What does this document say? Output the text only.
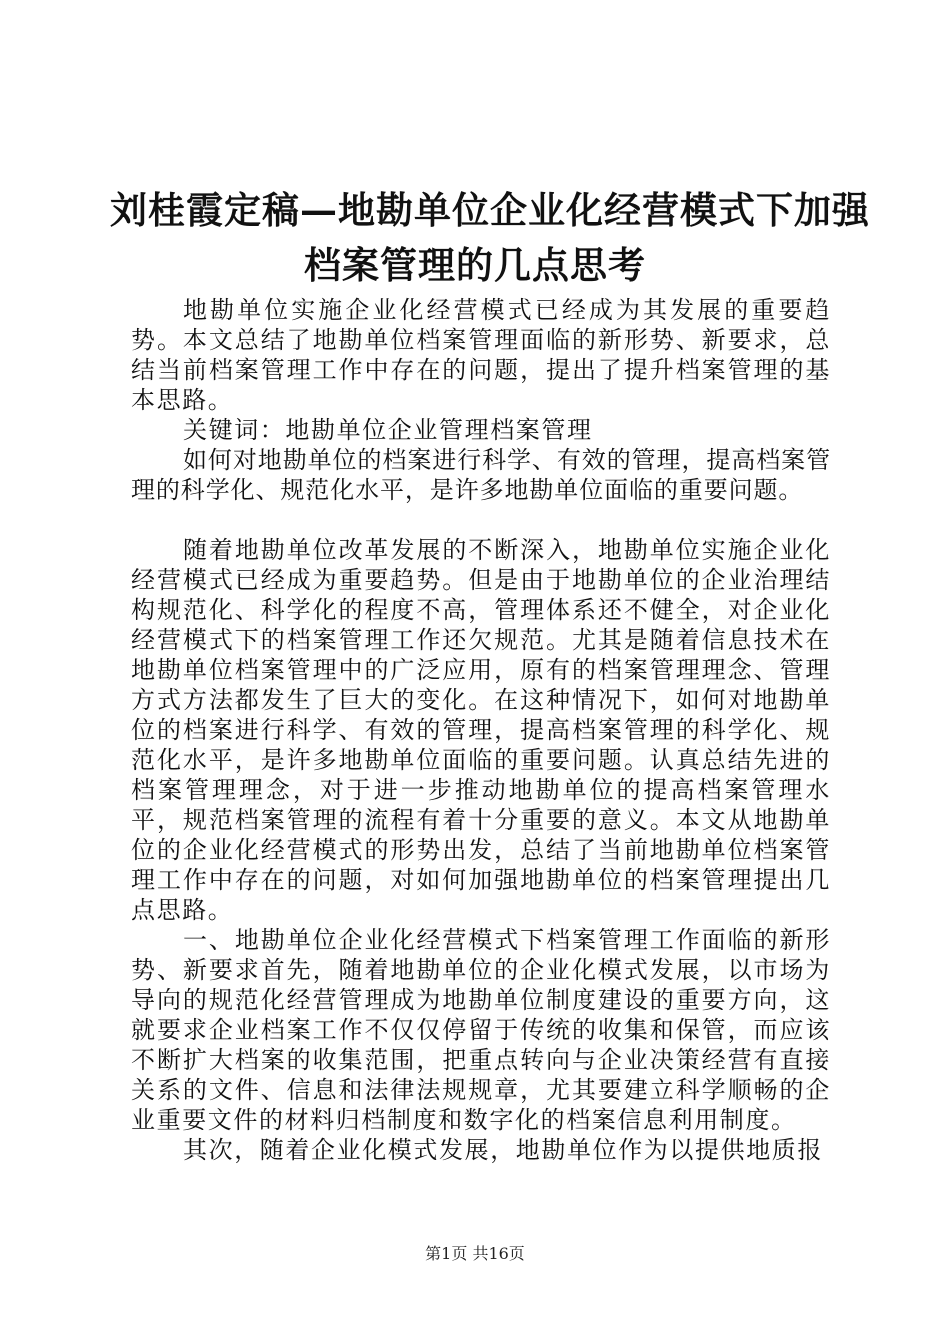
刘桂霞定稿—地勘单位企业化经营模式下加强
档案管理的几点思考

地勘单位实施企业化经营模式已经成为其发展的重要趋势。本文总结了地勘单位档案管理面临的新形势、新要求，总结当前档案管理工作中存在的问题，提出了提升档案管理的基本思路。

关键词：地勘单位企业管理档案管理

如何对地勘单位的档案进行科学、有效的管理，提高档案管理的科学化、规范化水平，是许多地勘单位面临的重要问题。

随着地勘单位改革发展的不断深入，地勘单位实施企业化经营模式已经成为重要趋势。但是由于地勘单位的企业治理结构规范化、科学化的程度不高，管理体系还不健全，对企业化经营模式下的档案管理工作还欠规范。尤其是随着信息技术在地勘单位档案管理中的广泛应用，原有的档案管理理念、管理方式方法都发生了巨大的变化。在这种情况下，如何对地勘单位的档案进行科学、有效的管理，提高档案管理的科学化、规范化水平，是许多地勘单位面临的重要问题。认真总结先进的档案管理理念，对于进一步推动地勘单位的提高档案管理水平，规范档案管理的流程有着十分重要的意义。本文从地勘单位的企业化经营模式的形势出发，总结了当前地勘单位档案管理工作中存在的问题，对如何加强地勘单位的档案管理提出几点思路。

一、地勘单位企业化经营模式下档案管理工作面临的新形势、新要求首先，随着地勘单位的企业化模式发展，以市场为导向的规范化经营管理成为地勘单位制度建设的重要方向，这就要求企业档案工作不仅仅停留于传统的收集和保管，而应该不断扩大档案的收集范围，把重点转向与企业决策经营有直接关系的文件、信息和法律法规规章，尤其要建立科学顺畅的企业重要文件的材料归档制度和数字化的档案信息利用制度。

其次，随着企业化模式发展，地勘单位作为以提供地质报

第1页 共16页
